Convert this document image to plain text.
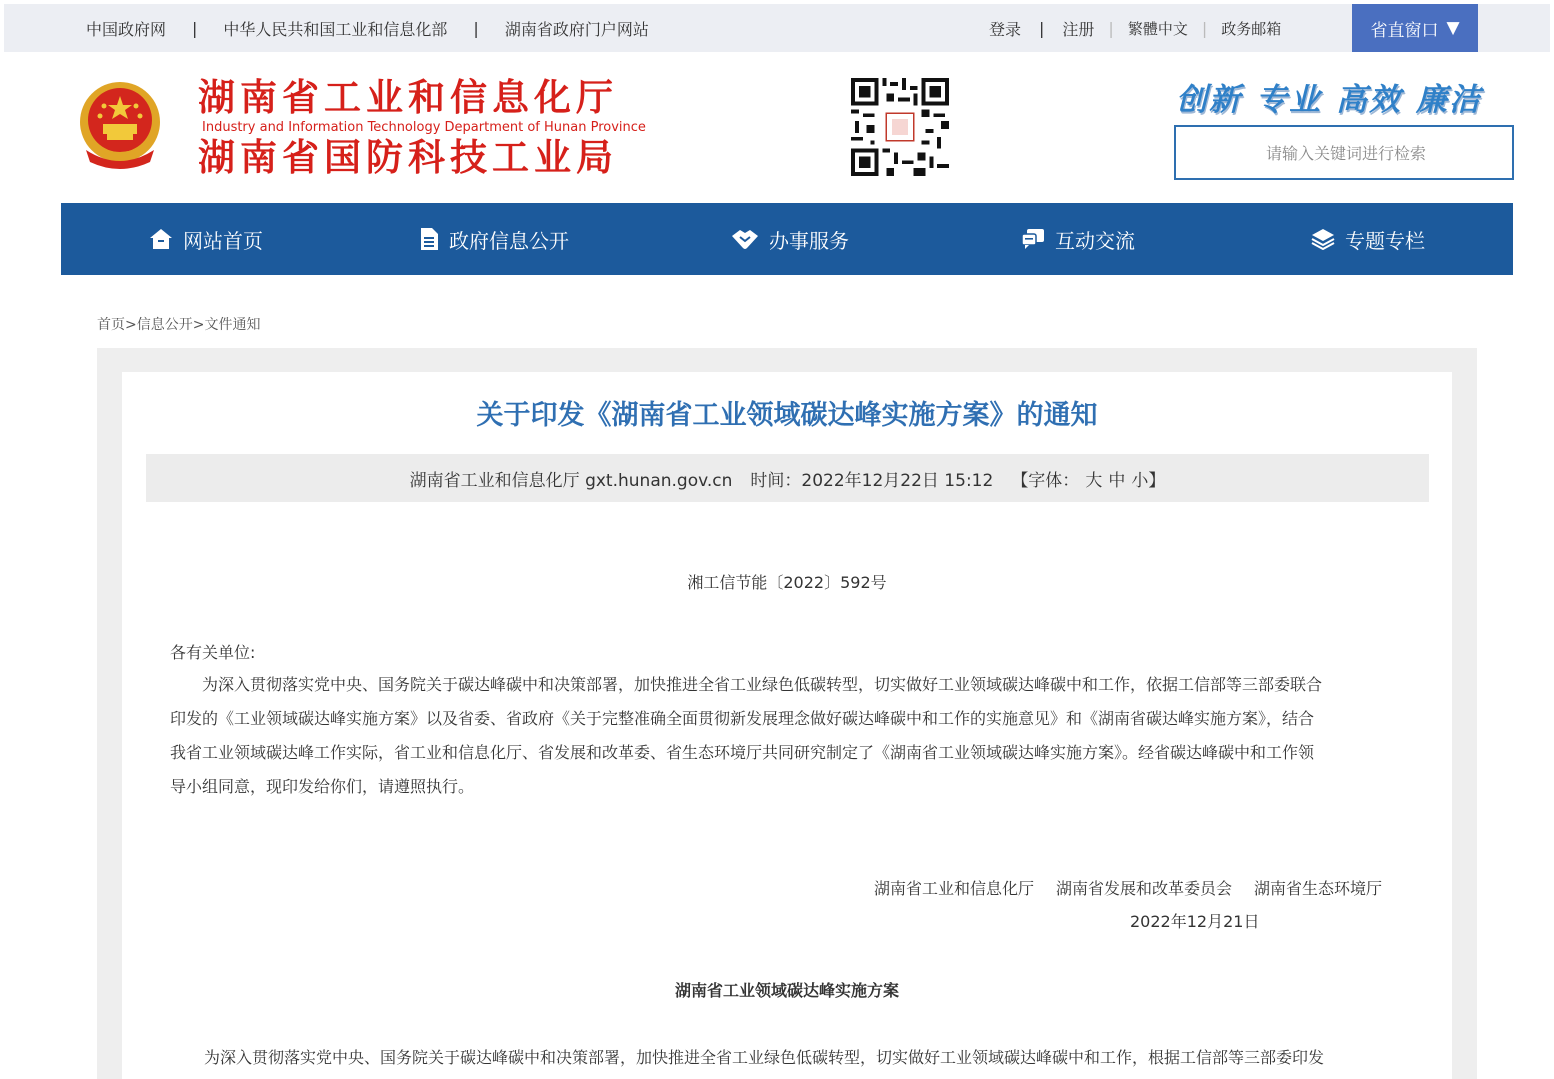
中国政府网 | 中华人民共和国工业和信息化部 | 湖南省政府门户网站	登录 | 注册 | 繁體中文 | 政务邮箱	省直窗口 ▼
湖南省工业和信息化厅
Industry and Information Technology Department of Hunan Province
湖南省国防科技工业局
创新 专业 高效 廉洁
请输入关键词进行检索
网站首页	政府信息公开	办事服务	互动交流	专题专栏
首页>信息公开>文件通知
关于印发《湖南省工业领域碳达峰实施方案》的通知
湖南省工业和信息化厅 gxt.hunan.gov.cn 时间：2022年12月22日 15:12 【字体： 大 中 小 】
湘工信节能〔2022〕592号
各有关单位:
　　为深入贯彻落实党中央、国务院关于碳达峰碳中和决策部署，加快推进全省工业绿色低碳转型，切实做好工业领域碳达峰碳中和工作，依据工信部等三部委联合
印发的《工业领域碳达峰实施方案》以及省委、省政府《关于完整准确全面贯彻新发展理念做好碳达峰碳中和工作的实施意见》和《湖南省碳达峰实施方案》，结合
我省工业领域碳达峰工作实际，省工业和信息化厅、省发展和改革委、省生态环境厅共同研究制定了《湖南省工业领域碳达峰实施方案》。经省碳达峰碳中和工作领
导小组同意，现印发给你们，请遵照执行。
湖南省工业和信息化厅 湖南省发展和改革委员会 湖南省生态环境厅
2022年12月21日
湖南省工业领域碳达峰实施方案
为深入贯彻落实党中央、国务院关于碳达峰碳中和决策部署，加快推进全省工业绿色低碳转型，切实做好工业领域碳达峰碳中和工作，根据工信部等三部委印发
